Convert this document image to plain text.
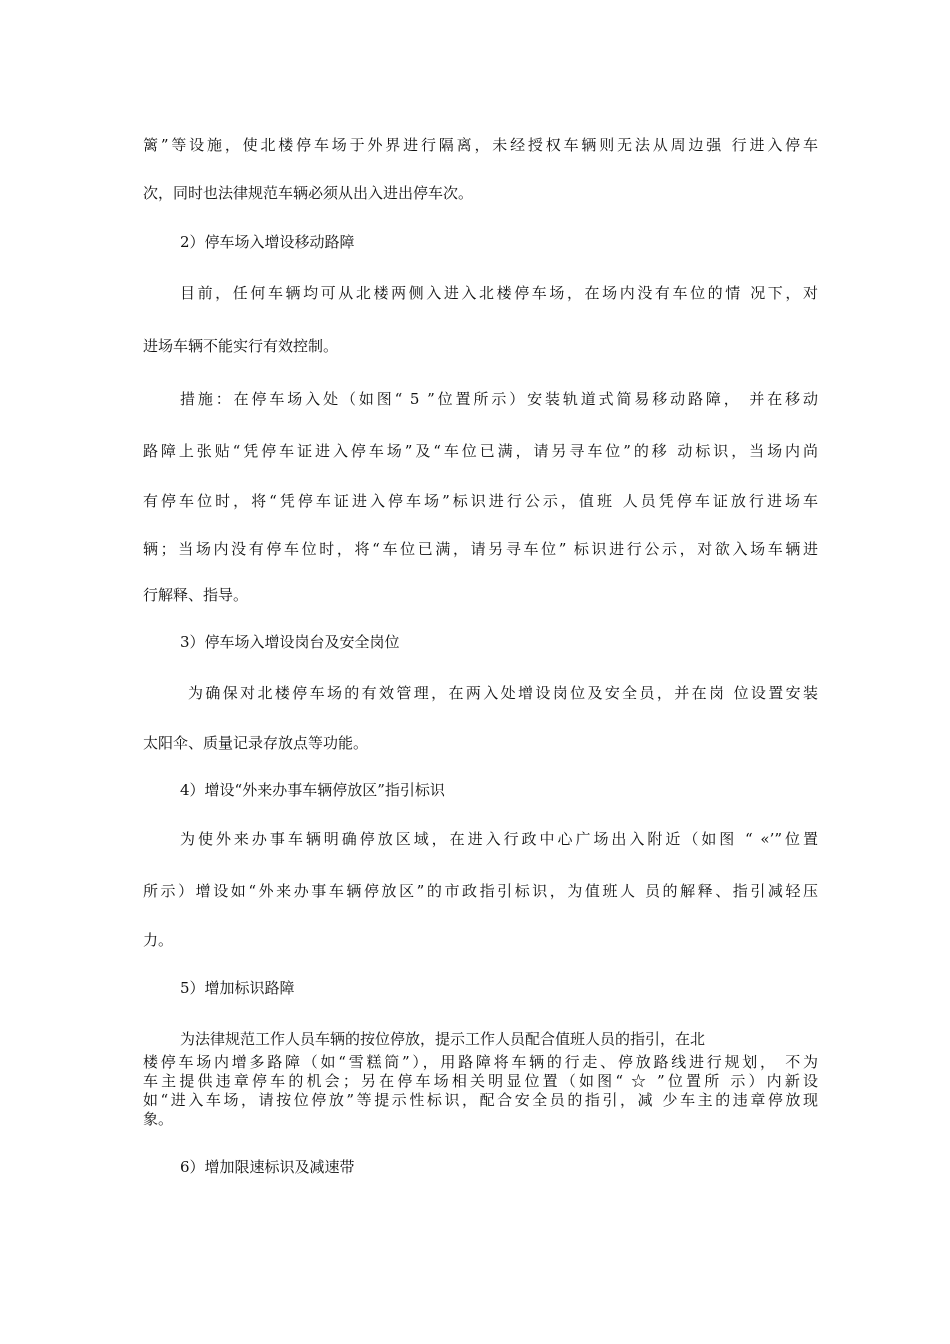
篱”等设施，使北楼停车场于外界进行隔离，未经授权车辆则无法从周边强 行进入停车
次，同时也法律规范车辆必须从出入进出停车次。
2）停车场入增设移动路障
目前，任何车辆均可从北楼两侧入进入北楼停车场，在场内没有车位的情 况下，对
进场车辆不能实行有效控制。
措施：在停车场入处（如图“ 5 ”位置所示）安装轨道式简易移动路障， 并在移动
路障上张贴“凭停车证进入停车场”及“车位已满，请另寻车位”的移 动标识，当场内尚
有停车位时，将“凭停车证进入停车场”标识进行公示，值班 人员凭停车证放行进场车
辆；当场内没有停车位时，将“车位已满，请另寻车位” 标识进行公示，对欲入场车辆进
行解释、指导。
3）停车场入增设岗台及安全岗位
为确保对北楼停车场的有效管理，在两入处增设岗位及安全员，并在岗 位设置安装
太阳伞、质量记录存放点等功能。
4）增设“外来办事车辆停放区”指引标识
为使外来办事车辆明确停放区域，在进入行政中心广场出入附近（如图 “ «’”位置
所示）增设如“外来办事车辆停放区”的市政指引标识，为值班人 员的解释、指引减轻压
力。
5）增加标识路障
为法律规范工作人员车辆的按位停放，提示工作人员配合值班人员的指引，在北
楼停车场内增多路障（如“雪糕筒”），用路障将车辆的行走、停放路线进行规划， 不为
车主提供违章停车的机会；另在停车场相关明显位置（如图“ ☆ ”位置所 示）内新设
如“进入车场，请按位停放”等提示性标识，配合安全员的指引，减 少车主的违章停放现
象。
6）增加限速标识及减速带
